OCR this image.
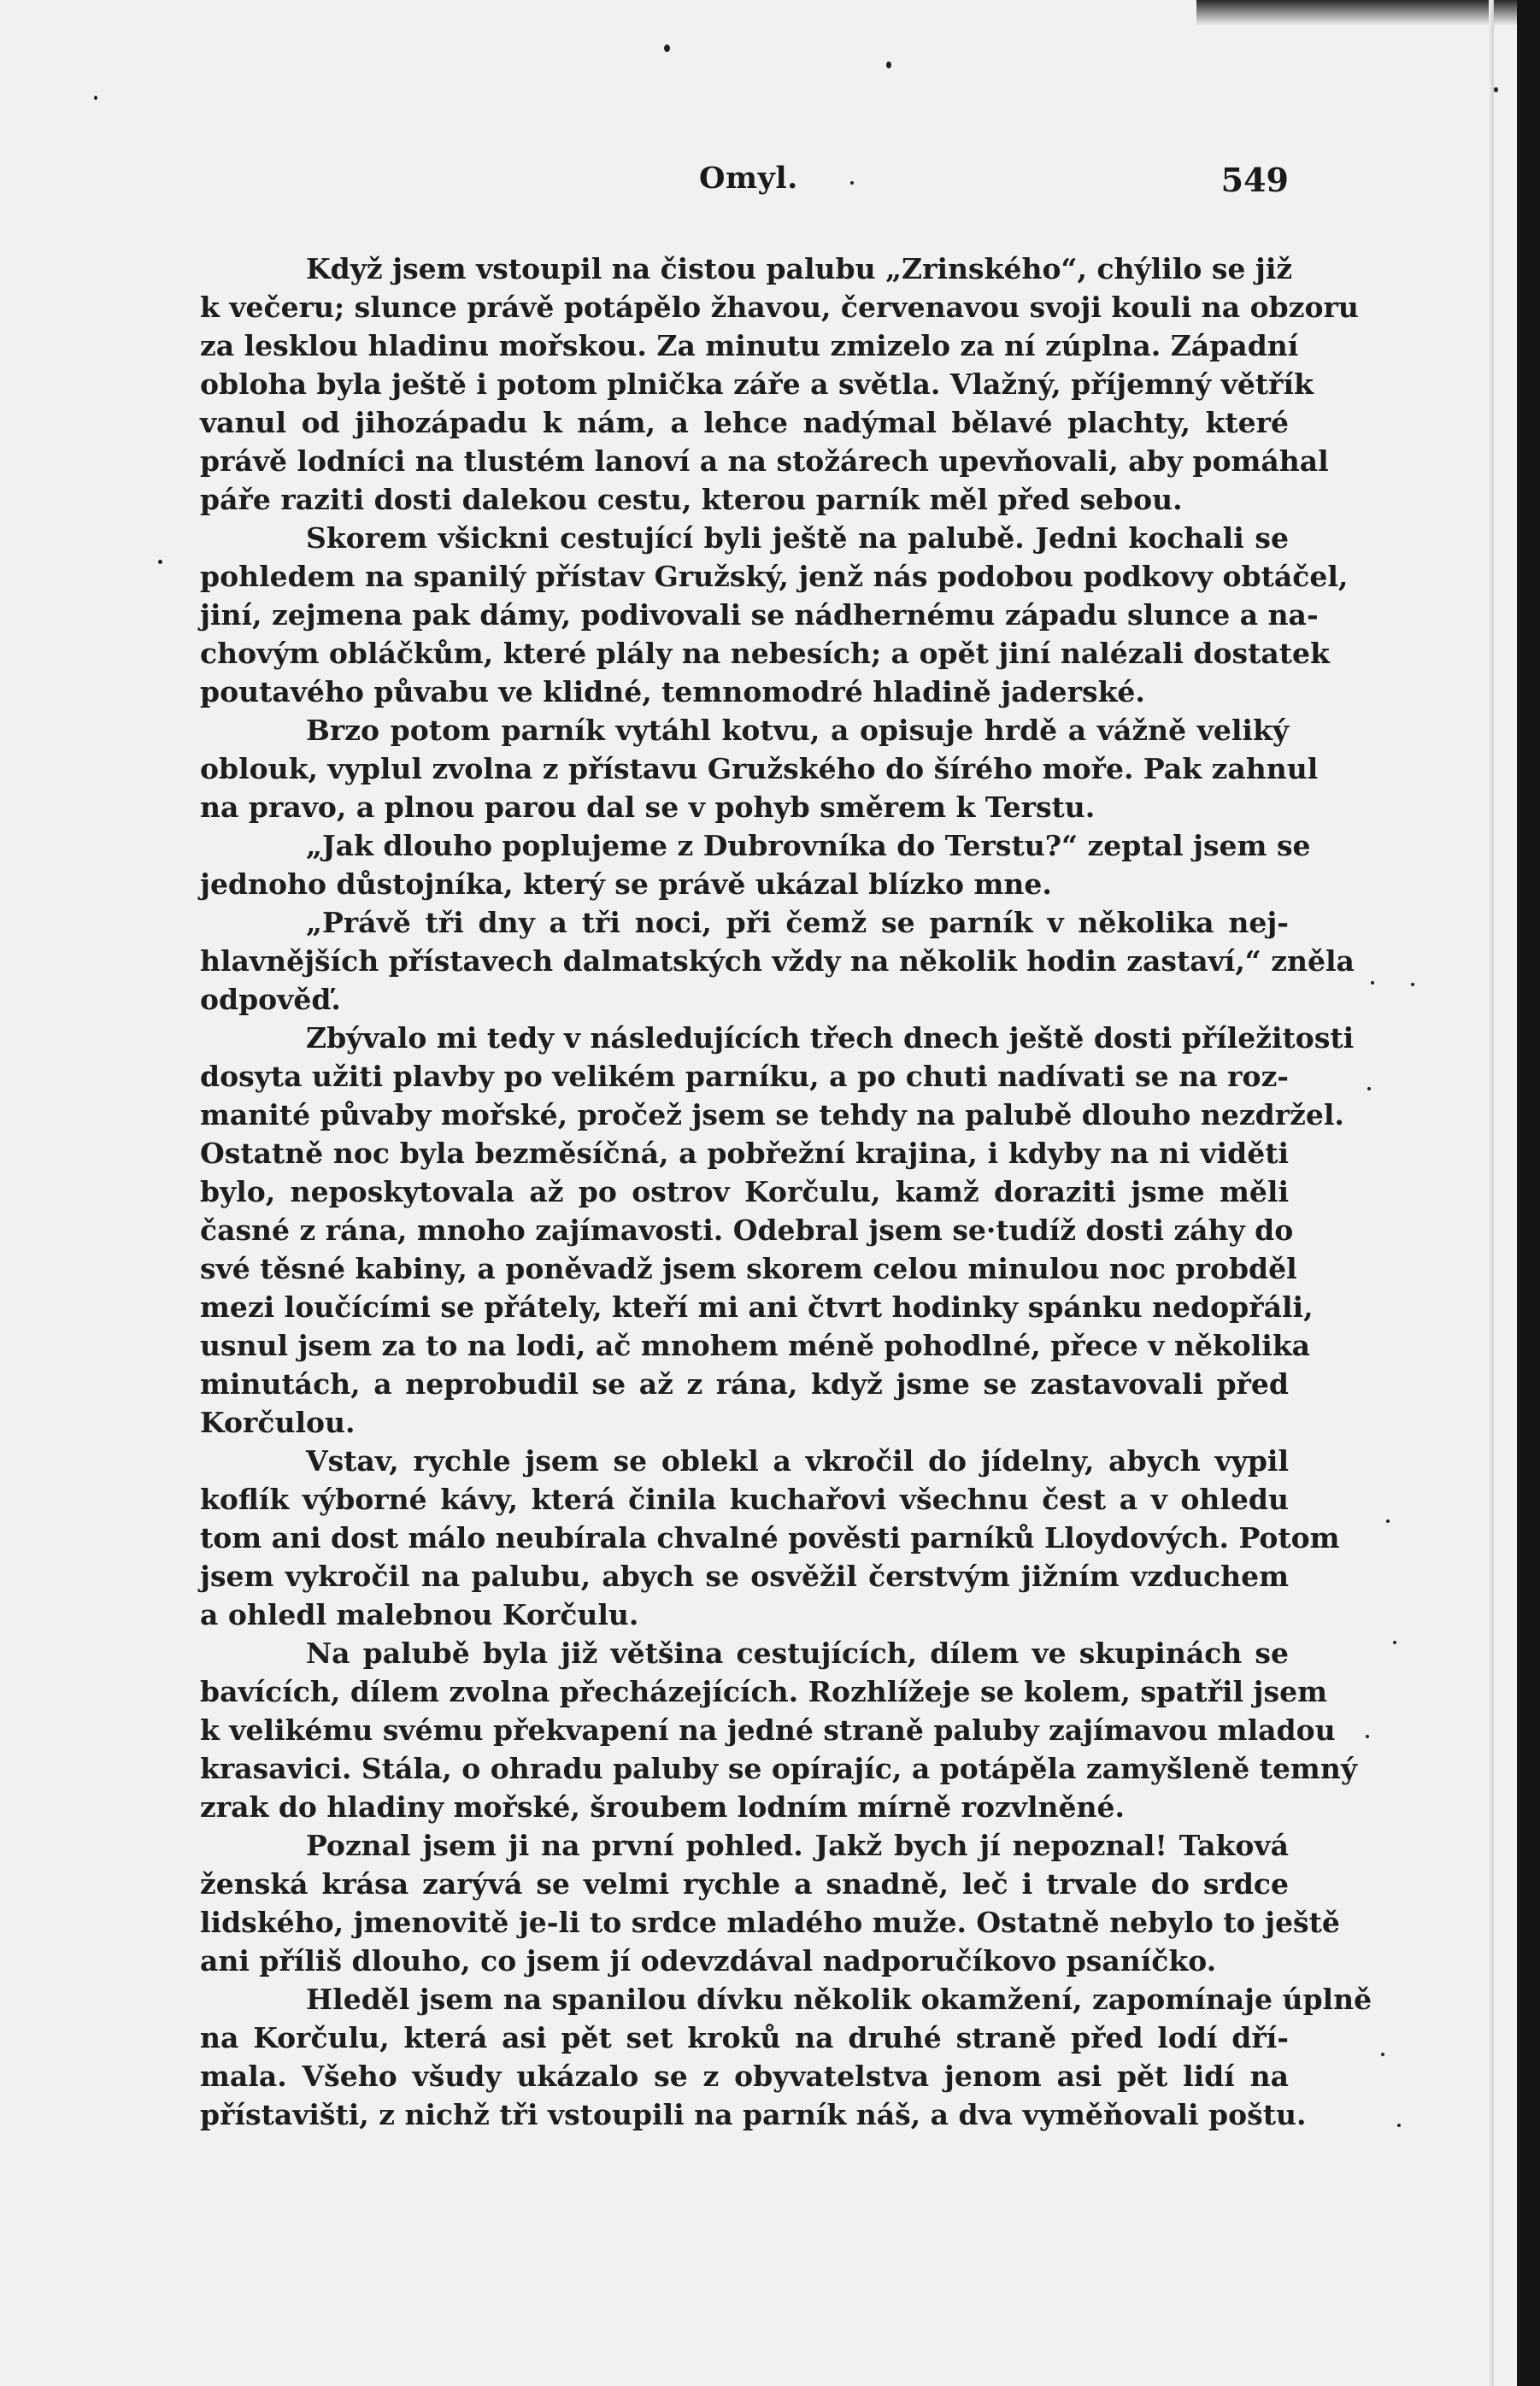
Omyl.	549
Když jsem vstoupil na čistou palubu „Zrinského“, chýlilo se již
k večeru; slunce právě potápělo žhavou, červenavou svoji kouli na obzoru
za lesklou hladinu mořskou. Za minutu zmizelo za ní zúplna. Západní
obloha byla ještě i potom plnička záře a světla. Vlažný, příjemný větřík
vanul od jihozápadu k nám, a lehce nadýmal bělavé plachty, které
právě lodníci na tlustém lanoví a na stožárech upevňovali, aby pomáhal
páře raziti dosti dalekou cestu, kterou parník měl před sebou.
Skorem všickni cestující byli ještě na palubě. Jedni kochali se
pohledem na spanilý přístav Gružský, jenž nás podobou podkovy obtáčel,
jiní, zejmena pak dámy, podivovali se nádhernému západu slunce a na-
chovým obláčkům, které plály na nebesích; a opět jiní nalézali dostatek
poutavého půvabu ve klidné, temnomodré hladině jaderské.
Brzo potom parník vytáhl kotvu, a opisuje hrdě a vážně veliký
oblouk, vyplul zvolna z přístavu Gružského do šírého moře. Pak zahnul
na pravo, a plnou parou dal se v pohyb směrem k Terstu.
„Jak dlouho poplujeme z Dubrovníka do Terstu?“ zeptal jsem se
jednoho důstojníka, který se právě ukázal blízko mne.
„Právě tři dny a tři noci, při čemž se parník v několika nej-
hlavnějších přístavech dalmatských vždy na několik hodin zastaví,“ zněla
odpověď.
Zbývalo mi tedy v následujících třech dnech ještě dosti příležitosti
dosyta užiti plavby po velikém parníku, a po chuti nadívati se na roz-
manité půvaby mořské, pročež jsem se tehdy na palubě dlouho nezdržel.
Ostatně noc byla bezměsíčná, a pobřežní krajina, i kdyby na ni viděti
bylo, neposkytovala až po ostrov Korčulu, kamž doraziti jsme měli
časné z rána, mnoho zajímavosti. Odebral jsem se·tudíž dosti záhy do
své těsné kabiny, a poněvadž jsem skorem celou minulou noc probděl
mezi loučícími se přátely, kteří mi ani čtvrt hodinky spánku nedopřáli,
usnul jsem za to na lodi, ač mnohem méně pohodlné, přece v několika
minutách, a neprobudil se až z rána, když jsme se zastavovali před
Korčulou.
Vstav, rychle jsem se oblekl a vkročil do jídelny, abych vypil
koflík výborné kávy, která činila kuchařovi všechnu čest a v ohledu
tom ani dost málo neubírala chvalné pověsti parníků Lloydových. Potom
jsem vykročil na palubu, abych se osvěžil čerstvým jižním vzduchem
a ohledl malebnou Korčulu.
Na palubě byla již většina cestujících, dílem ve skupinách se
bavících, dílem zvolna přecházejících. Rozhlížeje se kolem, spatřil jsem
k velikému svému překvapení na jedné straně paluby zajímavou mladou
krasavici. Stála, o ohradu paluby se opírajíc, a potápěla zamyšleně temný
zrak do hladiny mořské, šroubem lodním mírně rozvlněné.
Poznal jsem ji na první pohled. Jakž bych jí nepoznal! Taková
ženská krása zarývá se velmi rychle a snadně, leč i trvale do srdce
lidského, jmenovitě je-li to srdce mladého muže. Ostatně nebylo to ještě
ani příliš dlouho, co jsem jí odevzdával nadporučíkovo psaníčko.
Hleděl jsem na spanilou dívku několik okamžení, zapomínaje úplně
na Korčulu, která asi pět set kroků na druhé straně před lodí dří-
mala. Všeho všudy ukázalo se z obyvatelstva jenom asi pět lidí na
přístavišti, z nichž tři vstoupili na parník náš, a dva vyměňovali poštu.
